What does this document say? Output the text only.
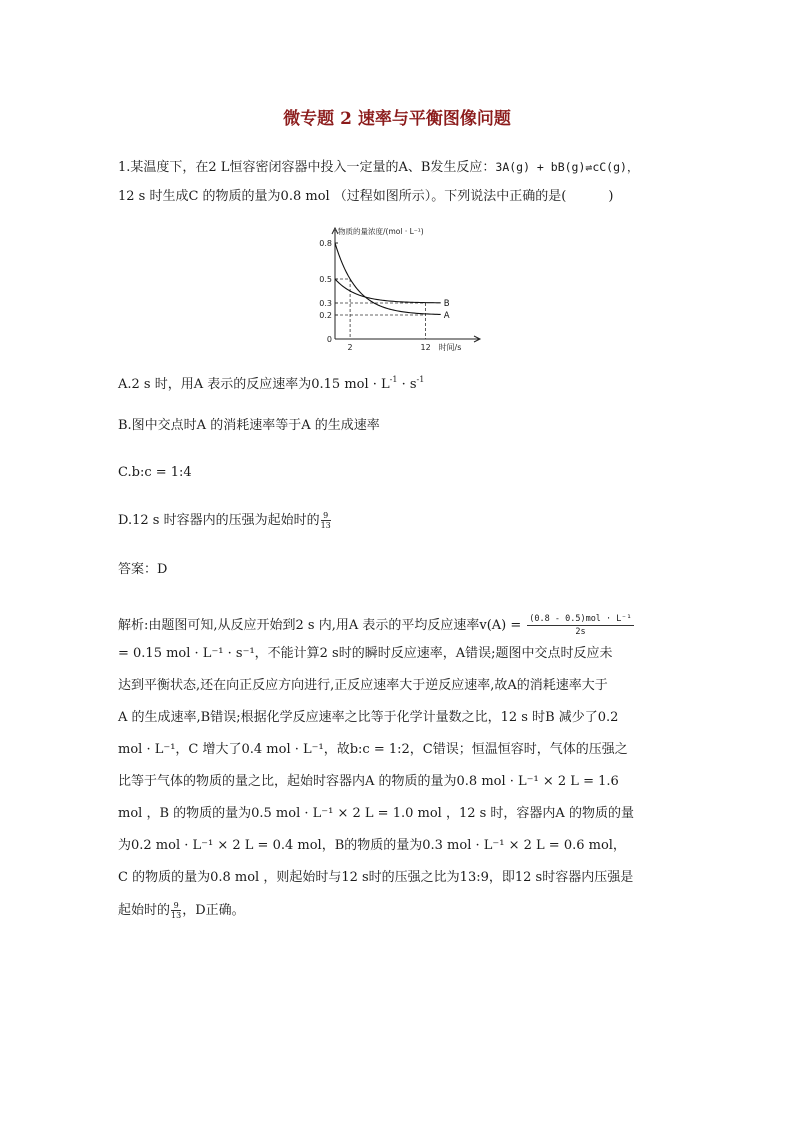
微专题 2 速率与平衡图像问题
1.某温度下，在2 L恒容密闭容器中投入一定量的A、B发生反应：3A(g) + bB(g)⇌cC(g)，
12 s 时生成C 的物质的量为0.8 mol （过程如图所示）。下列说法中正确的是(	)
0.8
0.5
0.3
0.2
0
2	12
物质的量浓度/(mol · L⁻¹)
时间/s
A
B
A.2 s 时，用A 表示的反应速率为0.15 mol · $L^{-1} \cdot s^{-1}$
B.图中交点时A 的消耗速率等于A 的生成速率
C.b:c = 1:4
D.12 s 时容器内的压强为起始时的 $\frac{9}{13}$
答案：D
解析:由题图可知,从反应开始到2 s 内,用A 表示的平均反应速率$v(A) = \frac{\text{(0.8 - 0.5)mol · L⁻¹}}{2s}$
= 0.15 mol · L⁻¹ · s⁻¹，不能计算2 s时的瞬时反应速率，A错误;题图中交点时反应未
达到平衡状态,还在向正反应方向进行,正反应速率大于逆反应速率,故A的消耗速率大于
A 的生成速率,B错误;根据化学反应速率之比等于化学计量数之比，12 s 时B 减少了0.2
mol · L⁻¹，C 增大了0.4 mol · L⁻¹，故b:c = 1:2，C错误；恒温恒容时，气体的压强之
比等于气体的物质的量之比，起始时容器内A 的物质的量为0.8 mol · L⁻¹ × 2 L = 1.6
mol ，B 的物质的量为0.5 mol · L⁻¹ × 2 L = 1.0 mol ，12 s 时，容器内A 的物质的量
为0.2 mol · L⁻¹ × 2 L = 0.4 mol，B的物质的量为0.3 mol · L⁻¹ × 2 L = 0.6 mol，
C 的物质的量为0.8 mol ，则起始时与12 s时的压强之比为13:9，即12 s时容器内压强是
起始时的 $\frac{9}{13}$ ，D正确。
